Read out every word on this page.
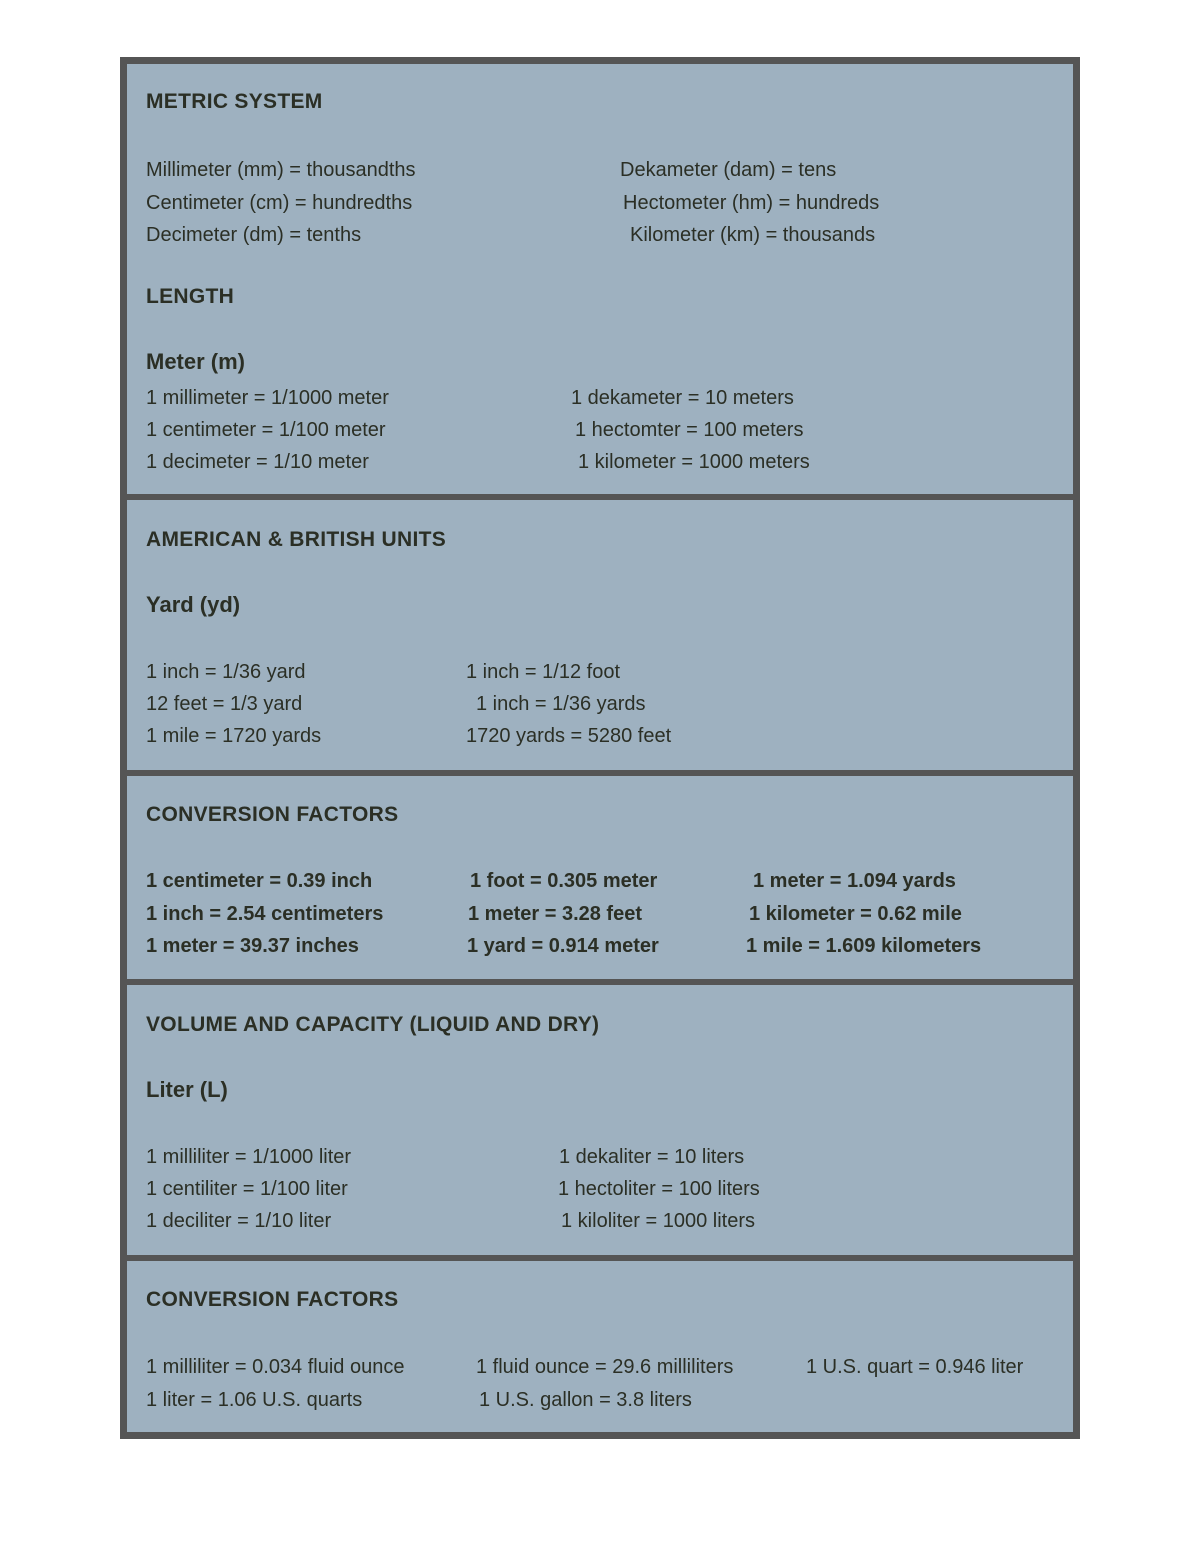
METRIC SYSTEM
Millimeter (mm) = thousandths
Centimeter (cm) = hundredths
Decimeter (dm) = tenths
Dekameter (dam) = tens
Hectometer (hm) = hundreds
Kilometer (km) = thousands
LENGTH
Meter (m)
1 millimeter = 1/1000 meter
1 centimeter = 1/100 meter
1 decimeter = 1/10 meter
1 dekameter = 10 meters
1 hectomter = 100 meters
1 kilometer = 1000 meters
AMERICAN & BRITISH UNITS
Yard (yd)
1 inch = 1/36 yard
12 feet = 1/3 yard
1 mile = 1720 yards
1 inch = 1/12 foot
1 inch = 1/36 yards
1720 yards = 5280 feet
CONVERSION FACTORS
1 centimeter = 0.39 inch
1 inch = 2.54 centimeters
1 meter = 39.37 inches
1 foot = 0.305 meter
1 meter = 3.28 feet
1 yard = 0.914 meter
1 meter = 1.094 yards
1 kilometer = 0.62 mile
1 mile = 1.609 kilometers
VOLUME AND CAPACITY (LIQUID AND DRY)
Liter (L)
1 milliliter = 1/1000 liter
1 centiliter = 1/100 liter
1 deciliter = 1/10 liter
1 dekaliter = 10 liters
1 hectoliter = 100 liters
1 kiloliter = 1000 liters
CONVERSION FACTORS
1 milliliter = 0.034 fluid ounce
1 liter = 1.06 U.S. quarts
1 fluid ounce = 29.6 milliliters
1 U.S. gallon = 3.8 liters
1 U.S. quart = 0.946 liter
